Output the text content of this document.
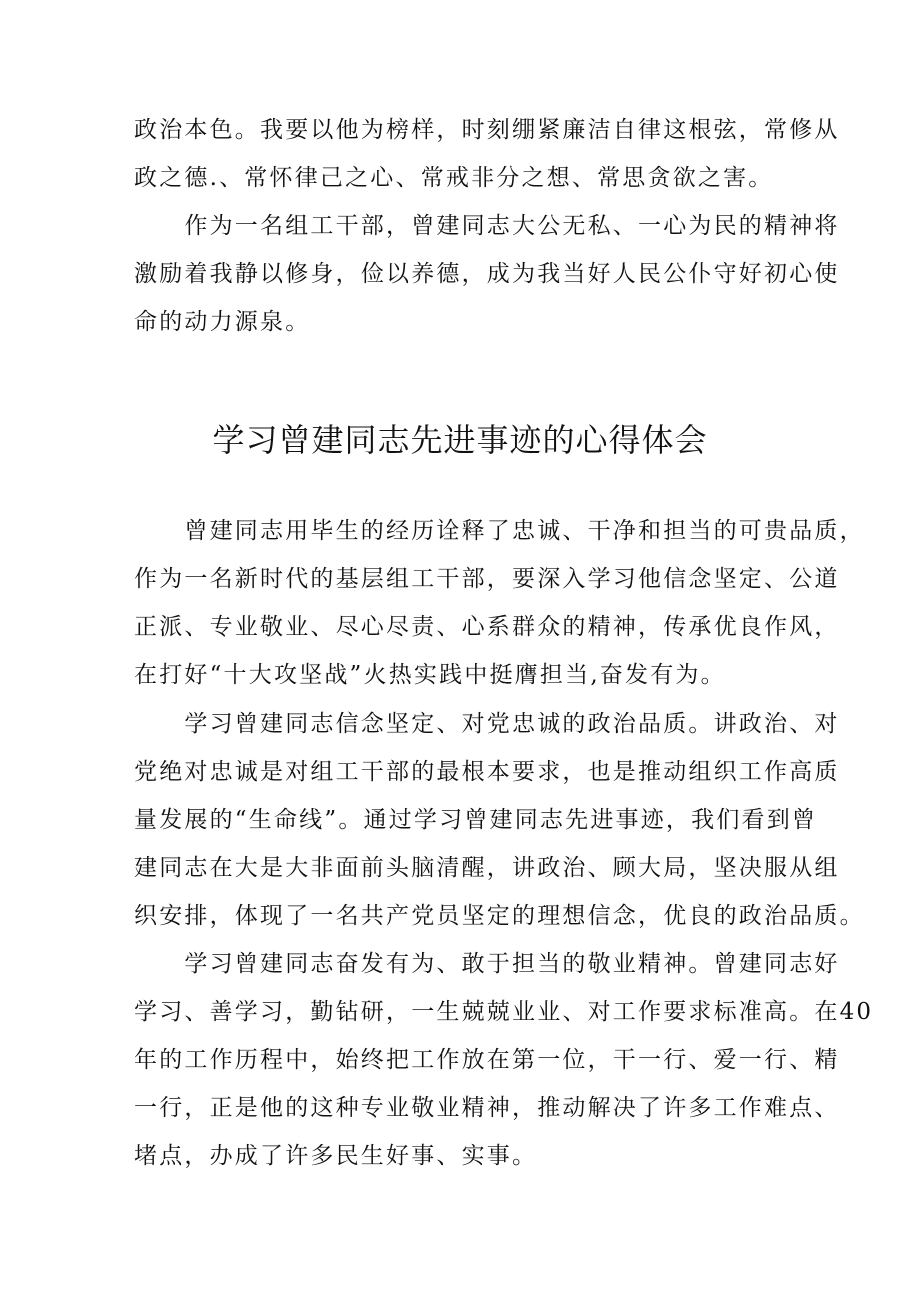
政治本色。我要以他为榜样，时刻绷紧廉洁自律这根弦，常修从
政之德.、常怀律己之心、常戒非分之想、常思贪欲之害。
　　作为一名组工干部，曾建同志大公无私、一心为民的精神将
激励着我静以修身，俭以养德，成为我当好人民公仆守好初心使
命的动力源泉。
学习曾建同志先进事迹的心得体会
　　曾建同志用毕生的经历诠释了忠诚、干净和担当的可贵品质，
作为一名新时代的基层组工干部，要深入学习他信念坚定、公道
正派、专业敬业、尽心尽责、心系群众的精神，传承优良作风，
在打好“十大攻坚战”火热实践中挺膺担当,奋发有为。
　　学习曾建同志信念坚定、对党忠诚的政治品质。讲政治、对
党绝对忠诚是对组工干部的最根本要求，也是推动组织工作高质
量发展的“生命线”。通过学习曾建同志先进事迹，我们看到曾
建同志在大是大非面前头脑清醒，讲政治、顾大局，坚决服从组
织安排，体现了一名共产党员坚定的理想信念，优良的政治品质。
　　学习曾建同志奋发有为、敢于担当的敬业精神。曾建同志好
学习、善学习，勤钻研，一生兢兢业业、对工作要求标准高。在40
年的工作历程中，始终把工作放在第一位，干一行、爱一行、精
一行，正是他的这种专业敬业精神，推动解决了许多工作难点、
堵点，办成了许多民生好事、实事。
